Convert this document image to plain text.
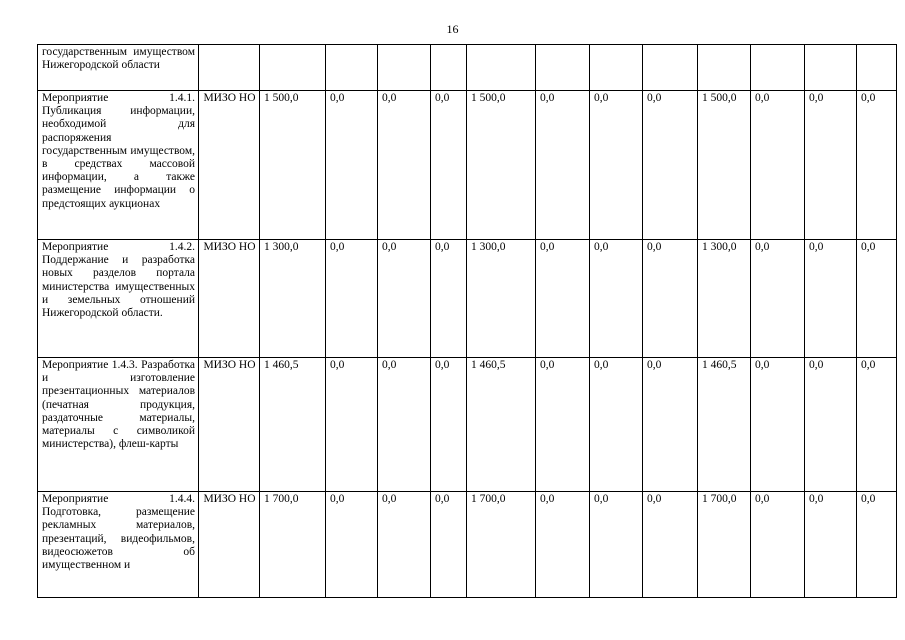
16
государственным имуществом Нижегородской области													
Мероприятие 1.4.1. Публикация информации, необходимой для распоряжения государственным имуществом, в средствах массовой информации, а также размещение информации о предстоящих аукционах	МИЗО НО	1 500,0	0,0	0,0	0,0	1 500,0	0,0	0,0	0,0	1 500,0	0,0	0,0	0,0
Мероприятие 1.4.2. Поддержание и разработка новых разделов портала министерства имущественных и земельных отношений Нижегородской области.	МИЗО НО	1 300,0	0,0	0,0	0,0	1 300,0	0,0	0,0	0,0	1 300,0	0,0	0,0	0,0
Мероприятие 1.4.3. Разработка и изготовление презентационных материалов (печатная продукция, раздаточные материалы, материалы с символикой министерства), флеш-карты	МИЗО НО	1 460,5	0,0	0,0	0,0	1 460,5	0,0	0,0	0,0	1 460,5	0,0	0,0	0,0
Мероприятие 1.4.4. Подготовка, размещение рекламных материалов, презентаций, видеофильмов, видеосюжетов об имущественном и	МИЗО НО	1 700,0	0,0	0,0	0,0	1 700,0	0,0	0,0	0,0	1 700,0	0,0	0,0	0,0
